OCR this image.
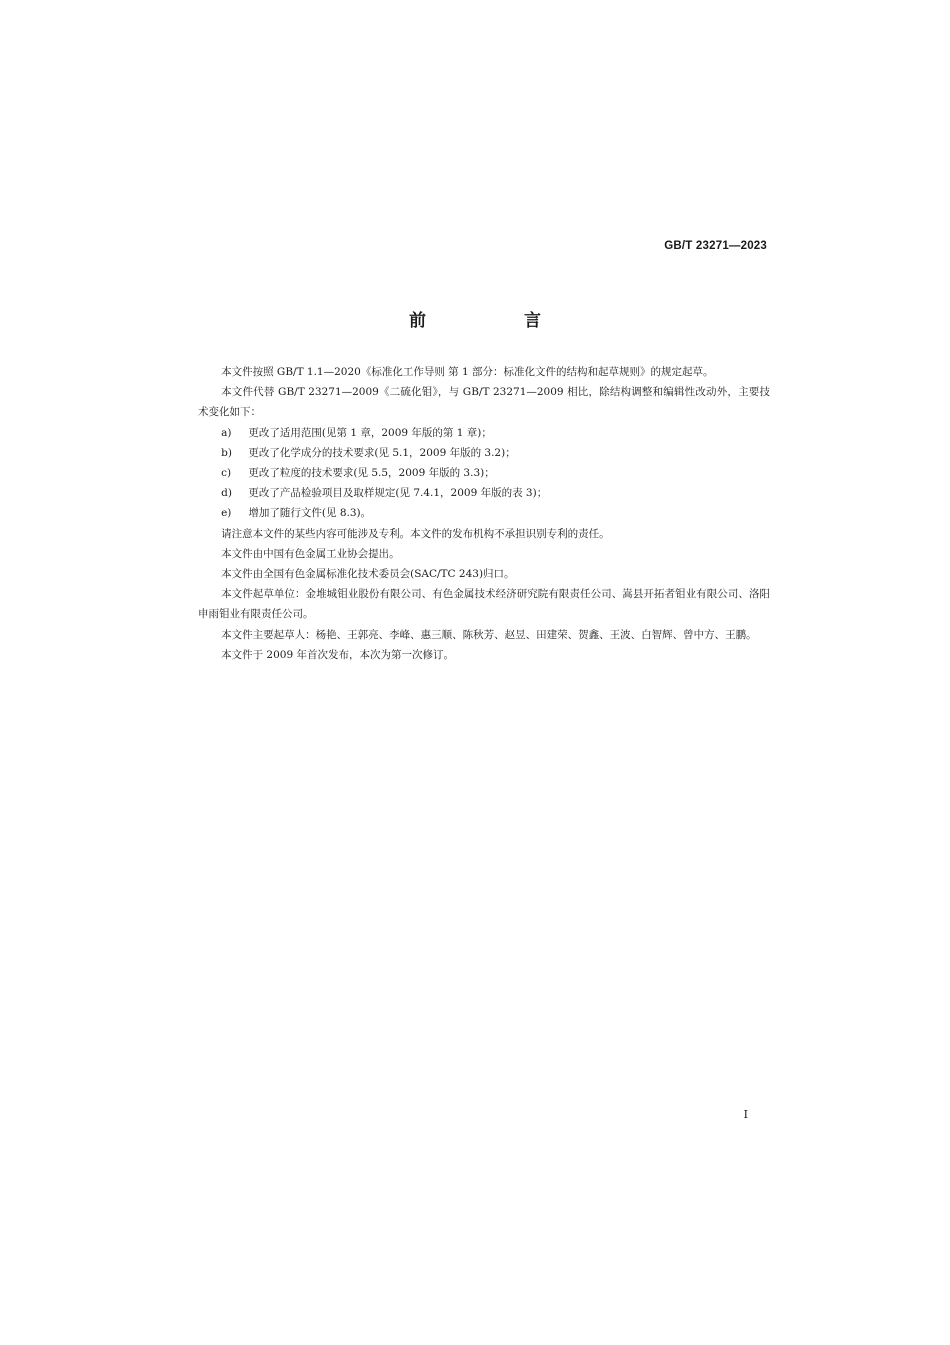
GB/T 23271—2023
前 言

本文件按照 GB/T 1.1—2020《标准化工作导则 第 1 部分：标准化文件的结构和起草规则》的规定起草。

本文件代替 GB/T 23271—2009《二硫化钼》，与 GB/T 23271—2009 相比，除结构调整和编辑性改动外，主要技术变化如下：

a)	更改了适用范围(见第 1 章，2009 年版的第 1 章)；
b)	更改了化学成分的技术要求(见 5.1，2009 年版的 3.2)；
c)	更改了粒度的技术要求(见 5.5，2009 年版的 3.3)；
d)	更改了产品检验项目及取样规定(见 7.4.1，2009 年版的表 3)；
e)	增加了随行文件(见 8.3)。

请注意本文件的某些内容可能涉及专利。本文件的发布机构不承担识别专利的责任。

本文件由中国有色金属工业协会提出。

本文件由全国有色金属标准化技术委员会(SAC/TC 243)归口。

本文件起草单位：金堆城钼业股份有限公司、有色金属技术经济研究院有限责任公司、嵩县开拓者钼业有限公司、洛阳申雨钼业有限责任公司。

本文件主要起草人：杨艳、王郭亮、李峰、惠三顺、陈秋芳、赵昱、田建荣、贺鑫、王波、白智辉、曾中方、王鹏。

本文件于 2009 年首次发布，本次为第一次修订。

I
